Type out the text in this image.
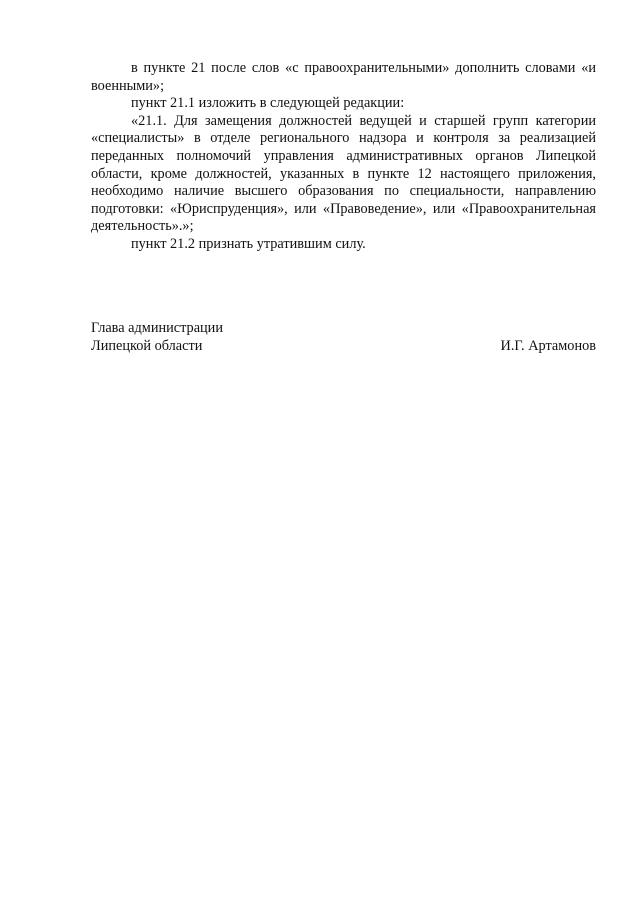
в пункте 21 после слов «с правоохранительными» дополнить словами «и военными»;

пункт 21.1 изложить в следующей редакции:

«21.1. Для замещения должностей ведущей и старшей групп категории «специалисты» в отделе регионального надзора и контроля за реализацией переданных полномочий управления административных органов Липецкой области, кроме должностей, указанных в пункте 12 настоящего приложения, необходимо наличие высшего образования по специальности, направлению подготовки: «Юриспруденция», или «Правоведение», или «Правоохранительная деятельность».»;

пункт 21.2 признать утратившим силу.

Глава администрации
Липецкой области	И.Г. Артамонов
